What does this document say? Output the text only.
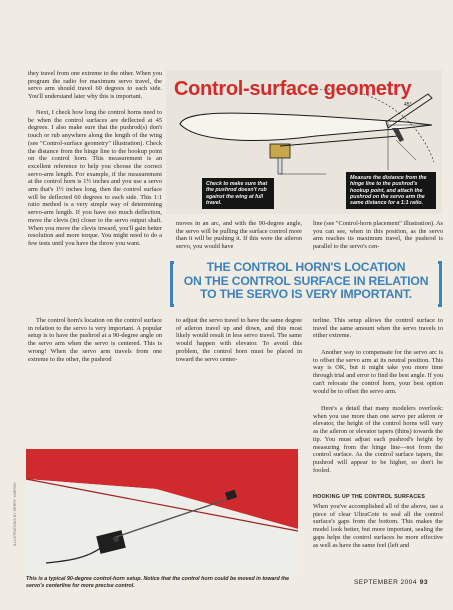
they travel from one extreme to the other. When you program the radio for maximum servo travel, the servo arm should travel 60 degrees to each side. You'll understand later why this is important.

Next, I check how long the control horns need to be when the control surfaces are deflected at 45 degrees. I also make sure that the pushrod(s) don't touch or rub anywhere along the length of the wing (see "Control-surface geometry" illustration). Check the distance from the hinge line to the hookup point on the control horn. This measurement is an excellent reference to help you choose the correct servo-arm length. For example, if the measurement at the control horn is 1½ inches and you use a servo arm that's 1½ inches long, then the control surface will be deflected 60 degrees to each side. This 1:1 ratio method is a very simple way of determining servo-arm length. If you have too much deflection, move the clevis (in) closer to the servo output shaft. When you move the clevis inward, you'll gain better resolution and more torque. You might need to do a few tests until you have the throw you want.

The control horn's location on the control surface in relation to the servo is very important. A popular setup is to have the pushrod at a 90-degree angle on the servo arm when the servo is centered. This is wrong! When the servo arm travels from one extreme to the other, the pushrod

45°

Control-surface geometry

Check to make sure that the pushrod doesn't rub against the wing at full travel.
Measure the distance from the hinge line to the pushrod's hookup point, and attach the pushrod on the servo arm the same distance for a 1:1 ratio.

moves in an arc, and with the 90-degree angle, the servo will be pulling the surface control more than it will be pushing it. If this were the aileron servo, you would have

to adjust the servo travel to have the same degree of aileron travel up and down, and this most likely would result in less servo travel. The same would happen with elevator. To avoid this problem, the control horn must be placed in toward the servo center-

THE CONTROL HORN'S LOCATION
ON THE CONTROL SURFACE IN RELATION
TO THE SERVO IS VERY IMPORTANT.

line (see "Control-horn placement" illustration). As you can see, when in this position, as the servo arm reaches its maximum travel, the pushrod is parallel to the servo's cen-

terline. This setup allows the control surface to travel the same amount when the servo travels to either extreme.

Another way to compensate for the servo arc is to offset the servo arm at its neutral position. This way is OK, but it might take you more time through trial and error to find the best angle. If you can't relocate the control horn, your best option would be to offset the servo arm.

Here's a detail that many modelers overlook: when you use more than one servo per aileron or elevator, the height of the control horns will vary as the aileron or elevator tapers (thins) towards the tip. You must adjust each pushrod's height by measuring from the hinge line—not from the control surface. As the control surface tapers, the pushrod will appear to be higher, so don't be fooled.

HOOKING UP THE CONTROL SURFACES

When you've accomplished all of the above, use a piece of clear UltraCote to seal all the control surface's gaps from the bottom. This makes the model look better, but more important, sealing the gaps helps the control surfaces be more effective as well as have the same feel (left and

ILLUSTRATIONS BY GERRY YARRISH

This is a typical 90-degree control-horn setup. Notice that the control horn could be moved in toward the servo's centerline for more precise control.	SEPTEMBER 2004 93
